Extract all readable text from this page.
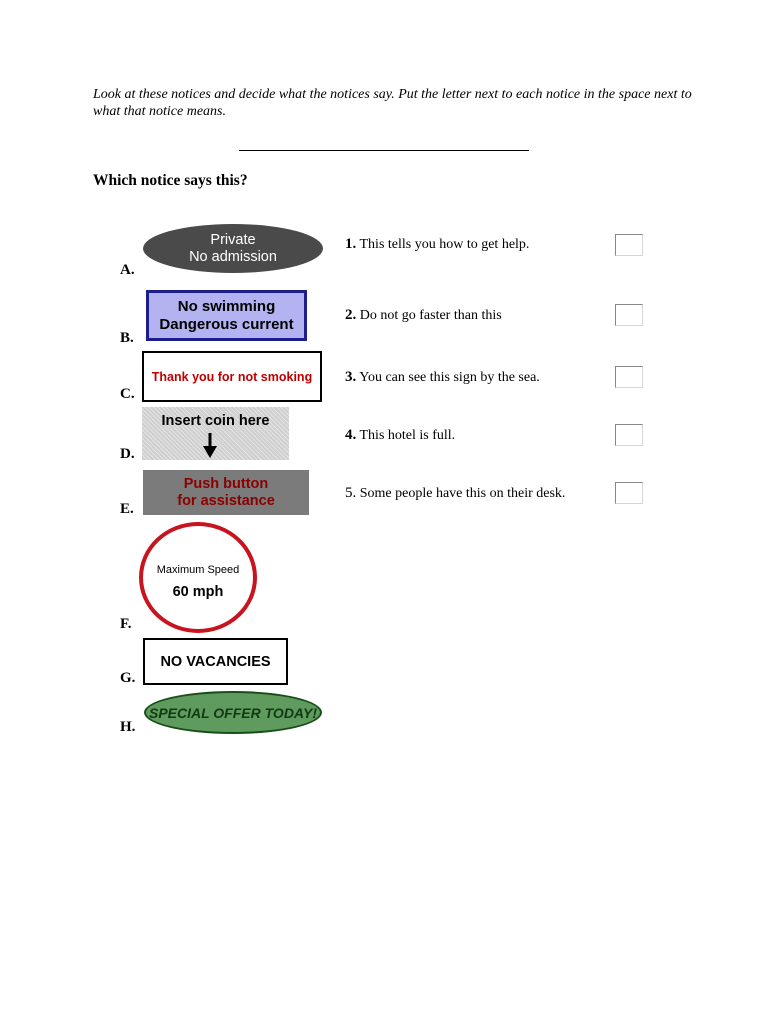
Look at these notices and decide what the notices say. Put the letter next to each notice in the space next to what that notice means.
Which notice says this?
A.
Private
No admission
B.
No swimming
Dangerous current
C.
Thank you for not smoking
D.
Insert coin here
E.
Push button
for assistance
F.
Maximum Speed
60 mph
G.
NO VACANCIES
H.
SPECIAL OFFER TODAY!
1. This tells you how to get help.
2. Do not go faster than this
3. You can see this sign by the sea.
4. This hotel is full.
5. Some people have this on their desk.
